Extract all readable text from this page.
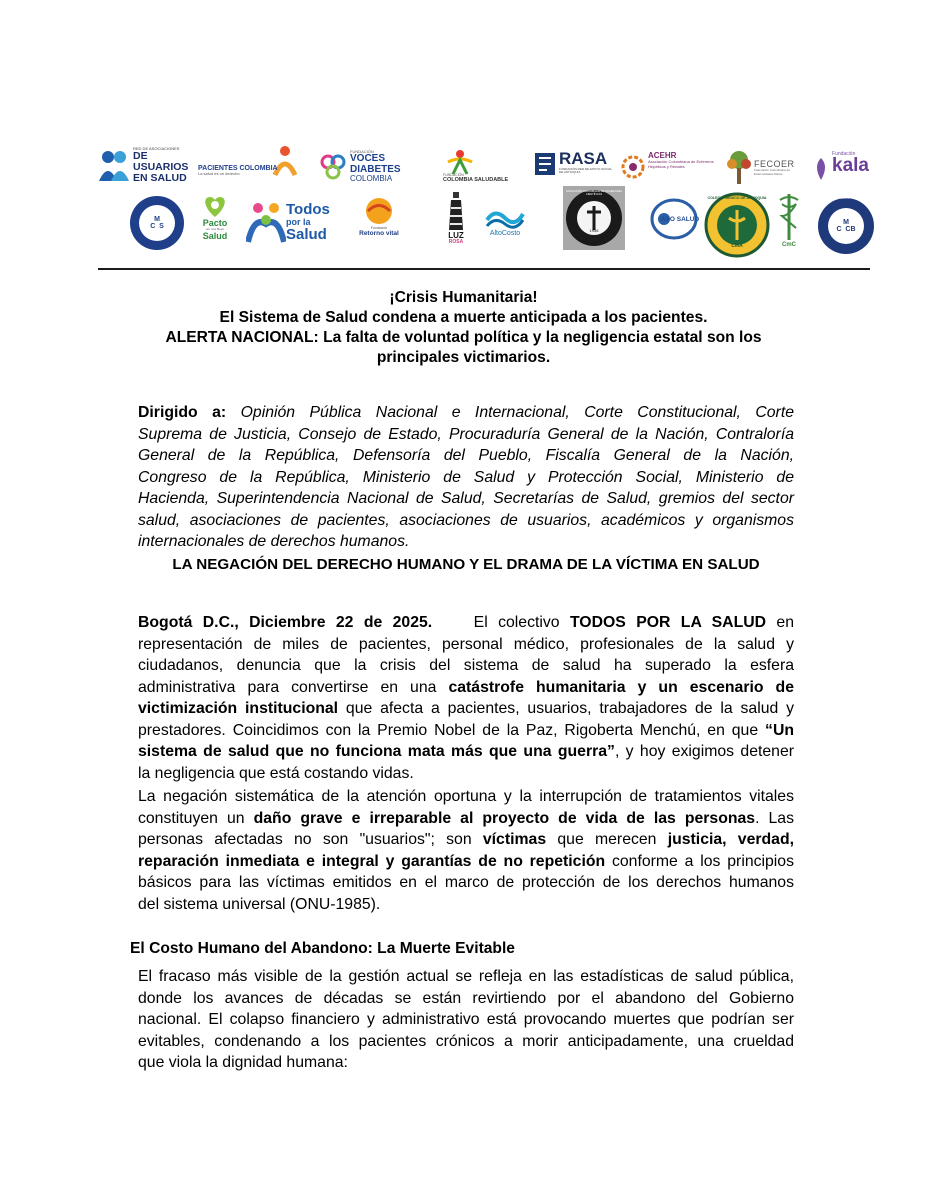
RED DE ASOCIACIONES
DE USUARIOS
EN SALUD
PACIENTES COLOMBIA
La salud es un derecho
FUNDACIÓN
VOCES DIABETES
COLOMBIA	FUNDACIÓN
COLOMBIA SALUDABLE
RASA
FUNDACIÓN RED DE APOYO SOCIAL DE ANTIOQUIA
ACEHR
Asociación Colombiana de Enfermos Hepáticos y Renales	FECOER
Federación Colombiana de Enfermedades Raras
Fundación
kala
M
C  S
COLEGIO MÉDICO DE SANTANDER
Pacto
por una Mejor
Salud
Todos
por la
Salud	Fundación
Retorno vital	LUZ
ROSA
AltoCosto
ASOCIACIÓN COLOMBIANA DE SOCIEDADES CIENTÍFICAS
1956
ASO SALUD
COLEGIO MÉDICO DE ANTIOQUIA
CMA	CmC
M
C  CB
C.M. CUNDINAMARCA Y BOGOTÁ D.C.
¡Crisis Humanitaria!
El Sistema de Salud condena a muerte anticipada a los pacientes.
ALERTA NACIONAL: La falta de voluntad política y la negligencia estatal son los
principales victimarios.
Dirigido a: Opinión Pública Nacional e Internacional, Corte Constitucional, Corte
Suprema de Justicia, Consejo de Estado, Procuraduría General de la Nación, Contraloría
General de la República, Defensoría del Pueblo, Fiscalía General de la Nación,
Congreso de la República, Ministerio de Salud y Protección Social, Ministerio de
Hacienda, Superintendencia Nacional de Salud, Secretarías de Salud, gremios del sector
salud, asociaciones de pacientes, asociaciones de usuarios, académicos y organismos
internacionales de derechos humanos.
LA NEGACIÓN DEL DERECHO HUMANO Y EL DRAMA DE LA VÍCTIMA EN SALUD
Bogotá D.C., Diciembre 22 de 2025.	El colectivo TODOS POR LA SALUD en
representación de miles de pacientes, personal médico, profesionales de la salud y
ciudadanos, denuncia que la crisis del sistema de salud ha superado la esfera
administrativa para convertirse en una catástrofe humanitaria y un escenario de
victimización institucional que afecta a pacientes, usuarios, trabajadores de la salud y
prestadores. Coincidimos con la Premio Nobel de la Paz, Rigoberta Menchú, en que “Un
sistema de salud que no funciona mata más que una guerra”, y hoy exigimos detener
la negligencia que está costando vidas.
La negación sistemática de la atención oportuna y la interrupción de tratamientos vitales
constituyen un daño grave e irreparable al proyecto de vida de las personas. Las
personas afectadas no son "usuarios"; son víctimas que merecen justicia, verdad,
reparación inmediata e integral y garantías de no repetición conforme a los principios
básicos para las víctimas emitidos en el marco de protección de los derechos humanos
del sistema universal (ONU-1985).
El Costo Humano del Abandono: La Muerte Evitable
El fracaso más visible de la gestión actual se refleja en las estadísticas de salud pública,
donde los avances de décadas se están revirtiendo por el abandono del Gobierno
nacional. El colapso financiero y administrativo está provocando muertes que podrían ser
evitables, condenando a los pacientes crónicos a morir anticipadamente, una crueldad
que viola la dignidad humana:
